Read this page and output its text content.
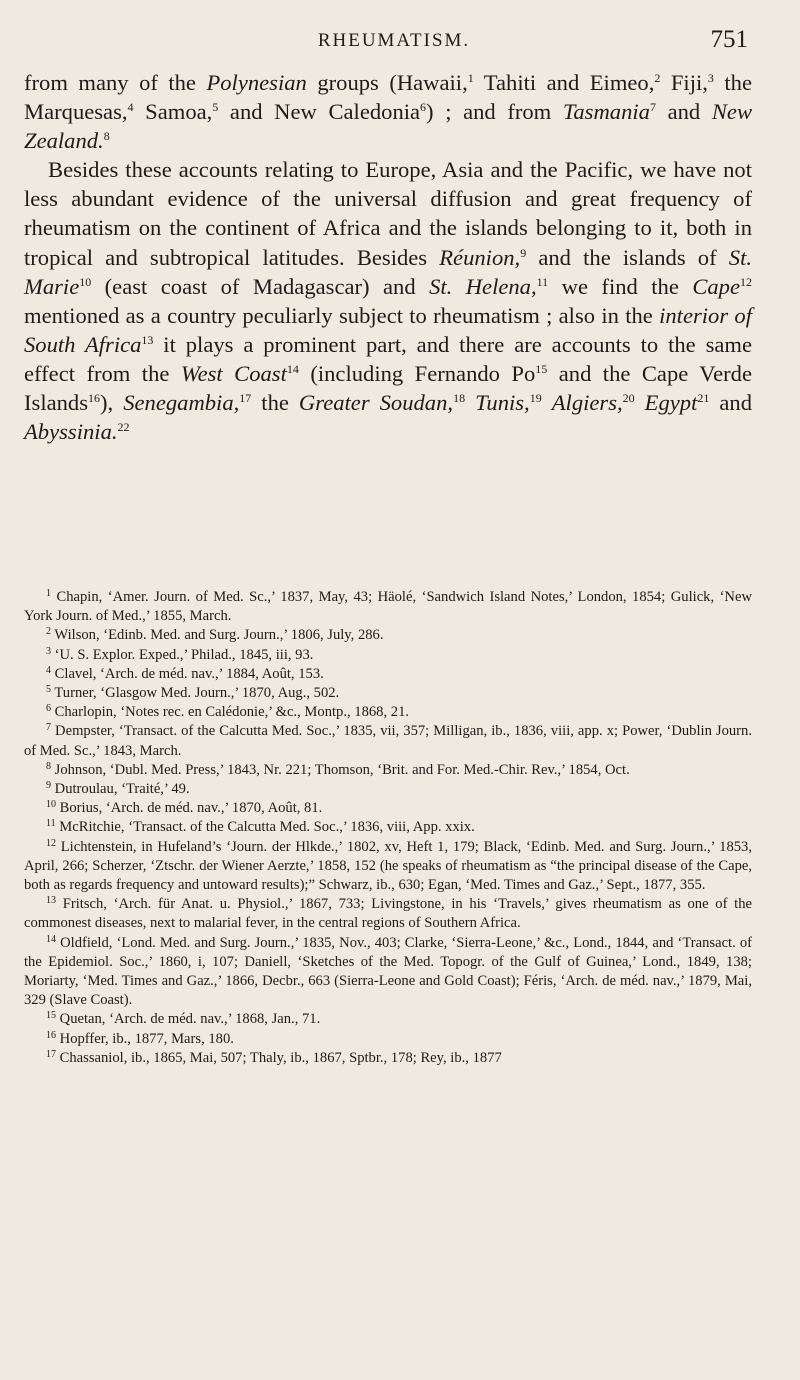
RHEUMATISM.	751

from many of the Polynesian groups (Hawaii,$^1$ Tahiti and Eimeo,$^2$ Fiji,$^3$ the Marquesas,$^4$ Samoa,$^5$ and New Caledonia$^6$) ; and from Tasmania$^7$ and New Zealand.$^8$

Besides these accounts relating to Europe, Asia and the Pacific, we have not less abundant evidence of the universal diffusion and great frequency of rheumatism on the continent of Africa and the islands belonging to it, both in tropical and subtropical latitudes. Besides Réunion,$^9$ and the islands of St. Marie$^{10}$ (east coast of Madagascar) and St. Helena,$^{11}$ we find the Cape$^{12}$ mentioned as a country peculiarly subject to rheumatism ; also in the interior of South Africa$^{13}$ it plays a prominent part, and there are accounts to the same effect from the West Coast$^{14}$ (including Fernando Po$^{15}$ and the Cape Verde Islands$^{16}$), Senegambia,$^{17}$ the Greater Soudan,$^{18}$ Tunis,$^{19}$ Algiers,$^{20}$ Egypt$^{21}$ and Abyssinia.$^{22}$

$^1$ Chapin, ‘Amer. Journ. of Med. Sc.,’ 1837, May, 43; Häolé, ‘Sandwich Island Notes,’ London, 1854; Gulick, ‘New York Journ. of Med.,’ 1855, March.

$^2$ Wilson, ‘Edinb. Med. and Surg. Journ.,’ 1806, July, 286.

$^3$ ‘U. S. Explor. Exped.,’ Philad., 1845, iii, 93.

$^4$ Clavel, ‘Arch. de méd. nav.,’ 1884, Août, 153.

$^5$ Turner, ‘Glasgow Med. Journ.,’ 1870, Aug., 502.

$^6$ Charlopin, ‘Notes rec. en Calédonie,’ &c., Montp., 1868, 21.

$^7$ Dempster, ‘Transact. of the Calcutta Med. Soc.,’ 1835, vii, 357; Milligan, ib., 1836, viii, app. x; Power, ‘Dublin Journ. of Med. Sc.,’ 1843, March.

$^8$ Johnson, ‘Dubl. Med. Press,’ 1843, Nr. 221; Thomson, ‘Brit. and For. Med.-Chir. Rev.,’ 1854, Oct.

$^9$ Dutroulau, ‘Traité,’ 49.

$^{10}$ Borius, ‘Arch. de méd. nav.,’ 1870, Août, 81.

$^{11}$ McRitchie, ‘Transact. of the Calcutta Med. Soc.,’ 1836, viii, App. xxix.

$^{12}$ Lichtenstein, in Hufeland’s ‘Journ. der Hlkde.,’ 1802, xv, Heft 1, 179; Black, ‘Edinb. Med. and Surg. Journ.,’ 1853, April, 266; Scherzer, ‘Ztschr. der Wiener Aerzte,’ 1858, 152 (he speaks of rheumatism as “the principal disease of the Cape, both as regards frequency and untoward results);” Schwarz, ib., 630; Egan, ‘Med. Times and Gaz.,’ Sept., 1877, 355.

$^{13}$ Fritsch, ‘Arch. für Anat. u. Physiol.,’ 1867, 733; Livingstone, in his ‘Travels,’ gives rheumatism as one of the commonest diseases, next to malarial fever, in the central regions of Southern Africa.

$^{14}$ Oldfield, ‘Lond. Med. and Surg. Journ.,’ 1835, Nov., 403; Clarke, ‘Sierra-Leone,’ &c., Lond., 1844, and ‘Transact. of the Epidemiol. Soc.,’ 1860, i, 107; Daniell, ‘Sketches of the Med. Topogr. of the Gulf of Guinea,’ Lond., 1849, 138; Moriarty, ‘Med. Times and Gaz.,’ 1866, Decbr., 663 (Sierra-Leone and Gold Coast); Féris, ‘Arch. de méd. nav.,’ 1879, Mai, 329 (Slave Coast).

$^{15}$ Quetan, ‘Arch. de méd. nav.,’ 1868, Jan., 71.

$^{16}$ Hopffer, ib., 1877, Mars, 180.

$^{17}$ Chassaniol, ib., 1865, Mai, 507; Thaly, ib., 1867, Sptbr., 178; Rey, ib., 1877
